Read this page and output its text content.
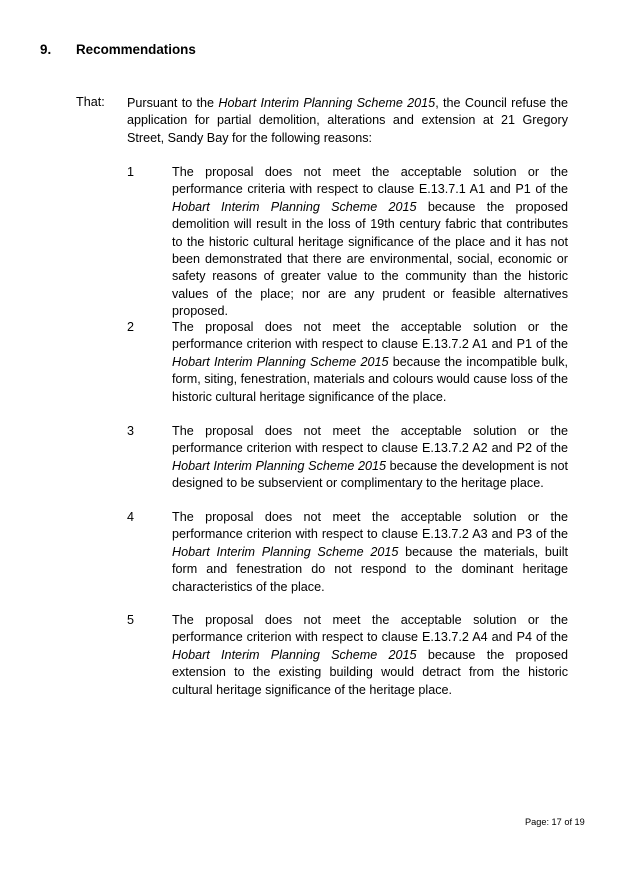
9. Recommendations
That: Pursuant to the Hobart Interim Planning Scheme 2015, the Council refuse the application for partial demolition, alterations and extension at 21 Gregory Street, Sandy Bay for the following reasons:
1	The proposal does not meet the acceptable solution or the performance criteria with respect to clause E.13.7.1 A1 and P1 of the Hobart Interim Planning Scheme 2015 because the proposed demolition will result in the loss of 19th century fabric that contributes to the historic cultural heritage significance of the place and it has not been demonstrated that there are environmental, social, economic or safety reasons of greater value to the community than the historic values of the place; nor are any prudent or feasible alternatives proposed.
2	The proposal does not meet the acceptable solution or the performance criterion with respect to clause E.13.7.2 A1 and P1 of the Hobart Interim Planning Scheme 2015 because the incompatible bulk, form, siting, fenestration, materials and colours would cause loss of the historic cultural heritage significance of the place.
3	The proposal does not meet the acceptable solution or the performance criterion with respect to clause E.13.7.2 A2 and P2 of the Hobart Interim Planning Scheme 2015 because the development is not designed to be subservient or complimentary to the heritage place.
4	The proposal does not meet the acceptable solution or the performance criterion with respect to clause E.13.7.2 A3 and P3 of the Hobart Interim Planning Scheme 2015 because the materials, built form and fenestration do not respond to the dominant heritage characteristics of the place.
5	The proposal does not meet the acceptable solution or the performance criterion with respect to clause E.13.7.2 A4 and P4 of the Hobart Interim Planning Scheme 2015 because the proposed extension to the existing building would detract from the historic cultural heritage significance of the heritage place.
Page: 17 of 19
